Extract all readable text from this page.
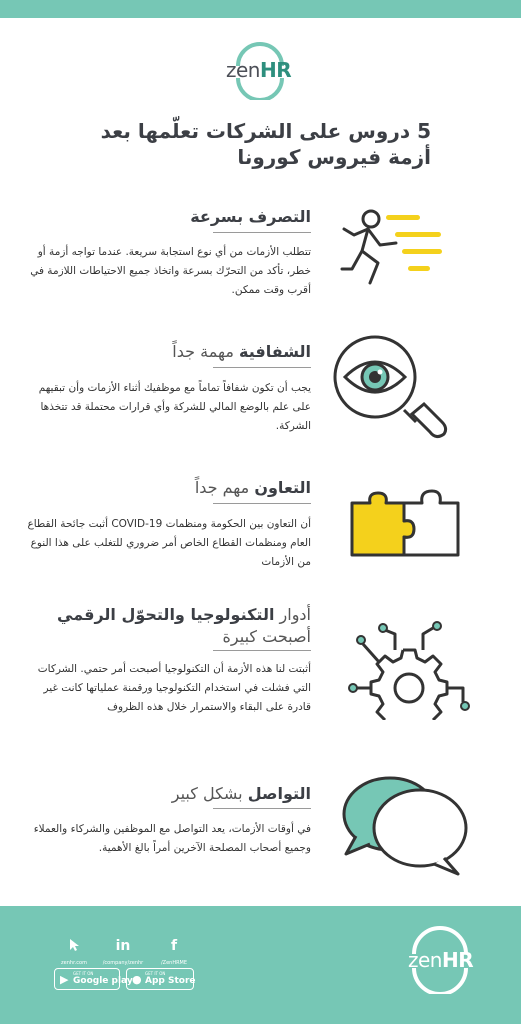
zenHR
5 دروس على الشركات تعلّمها بعد
أزمة فيروس كورونا
التصرف بسرعة
تتطلب الأزمات من أي نوع استجابة سريعة. عندما تواجه أزمة أو خطر، تأكد من التحرّك بسرعة واتخاذ جميع الاحتياطات اللازمة في أقرب وقت ممكن.
الشفافية مهمة جداً
يجب أن تكون شفافاً تماماً مع موظفيك أثناء الأزمات وأن تبقيهم على علم بالوضع المالي للشركة وأي قرارات محتملة قد تتخذها الشركة.
التعاون مهم جداً
أن التعاون بين الحكومة ومنظمات COVID-19 أثبت جائحة القطاع العام ومنظمات القطاع الخاص أمر ضروري للتغلب على هذا النوع من الأزمات
أدوار التكنولوجيا والتحوّل الرقمي
أصبحت كبيرة
أثبتت لنا هذه الأزمة أن التكنولوجيا أصبحت أمر حتمي. الشركات التي فشلت في استخدام التكنولوجيا ورقمنة عملياتها كانت غير قادرة على البقاء والاستمرار خلال هذه الظروف
التواصل بشكل كبير
في أوقات الأزمات، يعد التواصل مع الموظفين والشركاء والعملاء وجميع أصحاب المصلحة الآخرين أمراً بالغ الأهمية.
zenhr.com
in
/company/zenhr
f
/ZenHRME
▶ GET IT ON
Google play ● GET IT ON
App Store
zenHR
